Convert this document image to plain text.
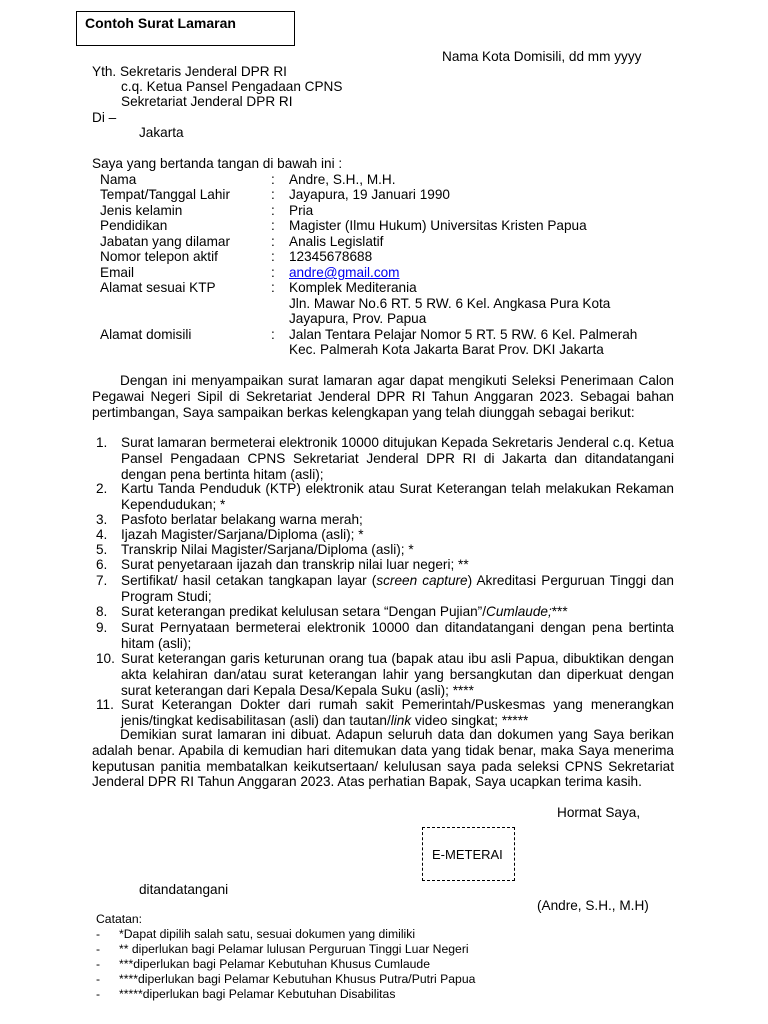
Contoh Surat Lamaran
Nama Kota Domisili, dd mm yyyy
Yth. Sekretaris Jenderal DPR RI
c.q. Ketua Pansel Pengadaan CPNS
Sekretariat Jenderal DPR RI
Di –
Jakarta
Saya yang bertanda tangan di bawah ini :
Nama	: Andre, S.H., M.H.
Tempat/Tanggal Lahir	: Jayapura, 19 Januari 1990
Jenis kelamin	: Pria
Pendidikan	: Magister (Ilmu Hukum) Universitas Kristen Papua
Jabatan yang dilamar	: Analis Legislatif
Nomor telepon aktif	: 12345678688
Email	: andre@gmail.com
Alamat sesuai KTP	: Komplek Mediterania
Jln. Mawar No.6 RT. 5 RW. 6 Kel. Angkasa Pura Kota
Jayapura, Prov. Papua
Alamat domisili	: Jalan Tentara Pelajar Nomor 5 RT. 5 RW. 6 Kel. Palmerah
Kec. Palmerah Kota Jakarta Barat Prov. DKI Jakarta
Dengan ini menyampaikan surat lamaran agar dapat mengikuti Seleksi Penerimaan Calon Pegawai Negeri Sipil di Sekretariat Jenderal DPR RI Tahun Anggaran 2023. Sebagai bahan pertimbangan, Saya sampaikan berkas kelengkapan yang telah diunggah sebagai berikut:
1. Surat lamaran bermeterai elektronik 10000 ditujukan Kepada Sekretaris Jenderal c.q. Ketua Pansel Pengadaan CPNS Sekretariat Jenderal DPR RI di Jakarta dan ditandatangani dengan pena bertinta hitam (asli);
2. Kartu Tanda Penduduk (KTP) elektronik atau Surat Keterangan telah melakukan Rekaman Kependudukan; *
3. Pasfoto berlatar belakang warna merah;
4. Ijazah Magister/Sarjana/Diploma (asli); *
5. Transkrip Nilai Magister/Sarjana/Diploma (asli); *
6. Surat penyetaraan ijazah dan transkrip nilai luar negeri; **
7. Sertifikat/ hasil cetakan tangkapan layar (screen capture) Akreditasi Perguruan Tinggi dan Program Studi;
8. Surat keterangan predikat kelulusan setara “Dengan Pujian”/Cumlaude;***
9. Surat Pernyataan bermeterai elektronik 10000 dan ditandatangani dengan pena bertinta hitam (asli);
10. Surat keterangan garis keturunan orang tua (bapak atau ibu asli Papua, dibuktikan dengan akta kelahiran dan/atau surat keterangan lahir yang bersangkutan dan diperkuat dengan surat keterangan dari Kepala Desa/Kepala Suku (asli); ****
11. Surat Keterangan Dokter dari rumah sakit Pemerintah/Puskesmas yang menerangkan jenis/tingkat kedisabilitasan (asli) dan tautan/link video singkat; *****
Demikian surat lamaran ini dibuat. Adapun seluruh data dan dokumen yang Saya berikan adalah benar. Apabila di kemudian hari ditemukan data yang tidak benar, maka Saya menerima keputusan panitia membatalkan keikutsertaan/ kelulusan saya pada seleksi CPNS Sekretariat Jenderal DPR RI Tahun Anggaran 2023. Atas perhatian Bapak, Saya ucapkan terima kasih.
Hormat Saya,
E-METERAI
ditandatangani
(Andre, S.H., M.H)
Catatan:
- *Dapat dipilih salah satu, sesuai dokumen yang dimiliki
- ** diperlukan bagi Pelamar lulusan Perguruan Tinggi Luar Negeri
- ***diperlukan bagi Pelamar Kebutuhan Khusus Cumlaude
- ****diperlukan bagi Pelamar Kebutuhan Khusus Putra/Putri Papua
- *****diperlukan bagi Pelamar Kebutuhan Disabilitas
